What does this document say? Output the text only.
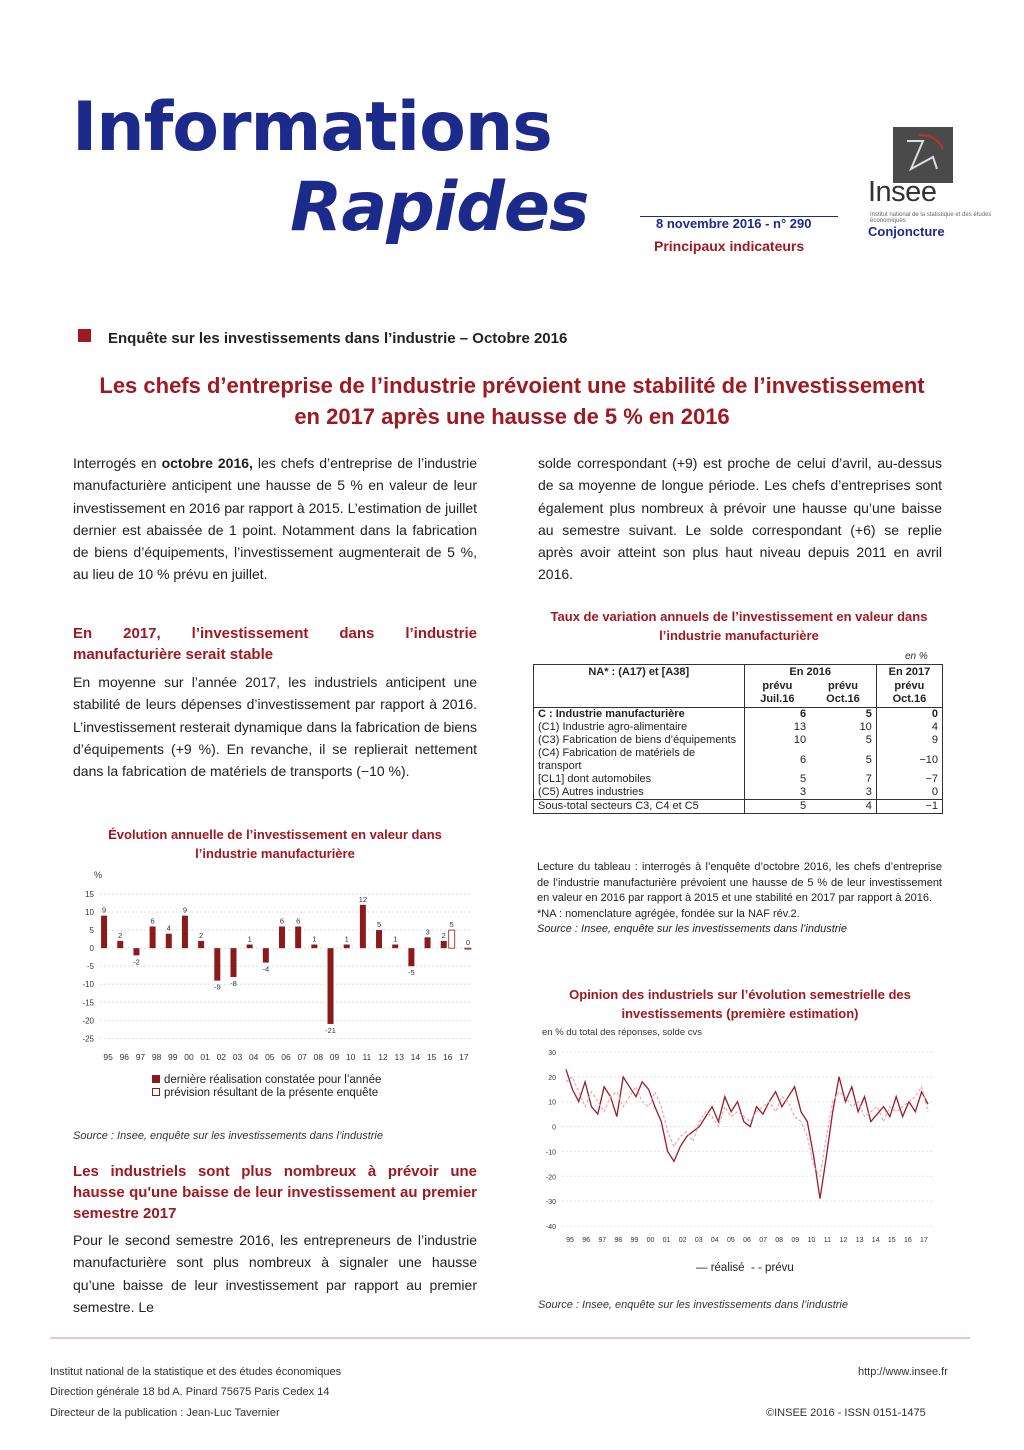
Informations
Rapides	8 novembre 2016 - n° 290
Principaux indicateurs
Insee
Institut national de la statistique et des études économiques
Conjoncture
Enquête sur les investissements dans l’industrie – Octobre 2016
Les chefs d’entreprise de l’industrie prévoient une stabilité de l’investissement en 2017 après une hausse de 5 % en 2016
Interrogés en octobre 2016, les chefs d’entreprise de l’industrie manufacturière anticipent une hausse de 5 % en valeur de leur investissement en 2016 par rapport à 2015. L’estimation de juillet dernier est abaissée de 1 point. Notamment dans la fabrication de biens d’équipements, l’investissement augmenterait de 5 %, au lieu de 10 % prévu en juillet.
En 2017, l’investissement dans l’industrie manufacturière serait stable
En moyenne sur l’année 2017, les industriels anticipent une stabilité de leurs dépenses d’investissement par rapport à 2016. L’investissement resterait dynamique dans la fabrication de biens d’équipements (+9 %). En revanche, il se replierait nettement dans la fabrication de matériels de transports (−10 %).
Évolution annuelle de l’investissement en valeur dans l’industrie manufacturière
%
15
10
5
0
-5
-10
-15
-20
-25
95 96 97 98 99 00 01 02 03 04 05 06 07 08 09 10 11 12 13 14 15 16 17
9
2
-2
6
4
9
2
-9 -8
1
-4
6 6
1
-21
1
12
5
1
-5
3 2
5
0
dernière réalisation constatée pour l’année
prévision résultant de la présente enquête
Source : Insee, enquête sur les investissements dans l’industrie
Les industriels sont plus nombreux à prévoir une hausse qu'une baisse de leur investissement au premier semestre 2017
Pour le second semestre 2016, les entrepreneurs de l’industrie manufacturière sont plus nombreux à signaler une hausse qu’une baisse de leur investissement par rapport au premier semestre. Le
solde correspondant (+9) est proche de celui d’avril, au-dessus de sa moyenne de longue période. Les chefs d’entreprises sont également plus nombreux à prévoir une hausse qu’une baisse au semestre suivant. Le solde correspondant (+6) se replie après avoir atteint son plus haut niveau depuis 2011 en avril 2016.
Taux de variation annuels de l’investissement en valeur dans l’industrie manufacturière
en %
NA* : (A17) et [A38]	En 2016		En 2017
	prévu Juil.16	prévu Oct.16	prévu Oct.16
C : Industrie manufacturière	6	5	0
(C1) Industrie agro-alimentaire	13	10	4
(C3) Fabrication de biens d’équipements	10	5	9
(C4) Fabrication de matériels de transport	6	5	−10
[CL1] dont automobiles	5	7	−7
(C5) Autres industries	3	3	0
Sous-total secteurs C3, C4 et C5	5	4	−1
Lecture du tableau : interrogés à l’enquête d’octobre 2016, les chefs d’entreprise de l’industrie manufacturière prévoient une hausse de 5 % de leur investissement en valeur en 2016 par rapport à 2015 et une stabilité en 2017 par rapport à 2016.
*NA : nomenclature agrégée, fondée sur la NAF rév.2.
Source : Insee, enquête sur les investissements dans l’industrie
Opinion des industriels sur l’évolution semestrielle des investissements (première estimation)
en % du total des réponses, solde cvs
30
20
10
0
-10
-20
-30
-40
95 96 97 98 99 00 01 02 03 04 05 06 07 08 09 10 11 12 13 14 15 16 17
— réalisé - - prévu
Source : Insee, enquête sur les investissements dans l’industrie
Institut national de la statistique et des études économiques
Direction générale 18 bd A. Pinard 75675 Paris Cedex 14
Directeur de la publication : Jean-Luc Tavernier
http://www.insee.fr
©INSEE 2016 - ISSN 0151-1475
